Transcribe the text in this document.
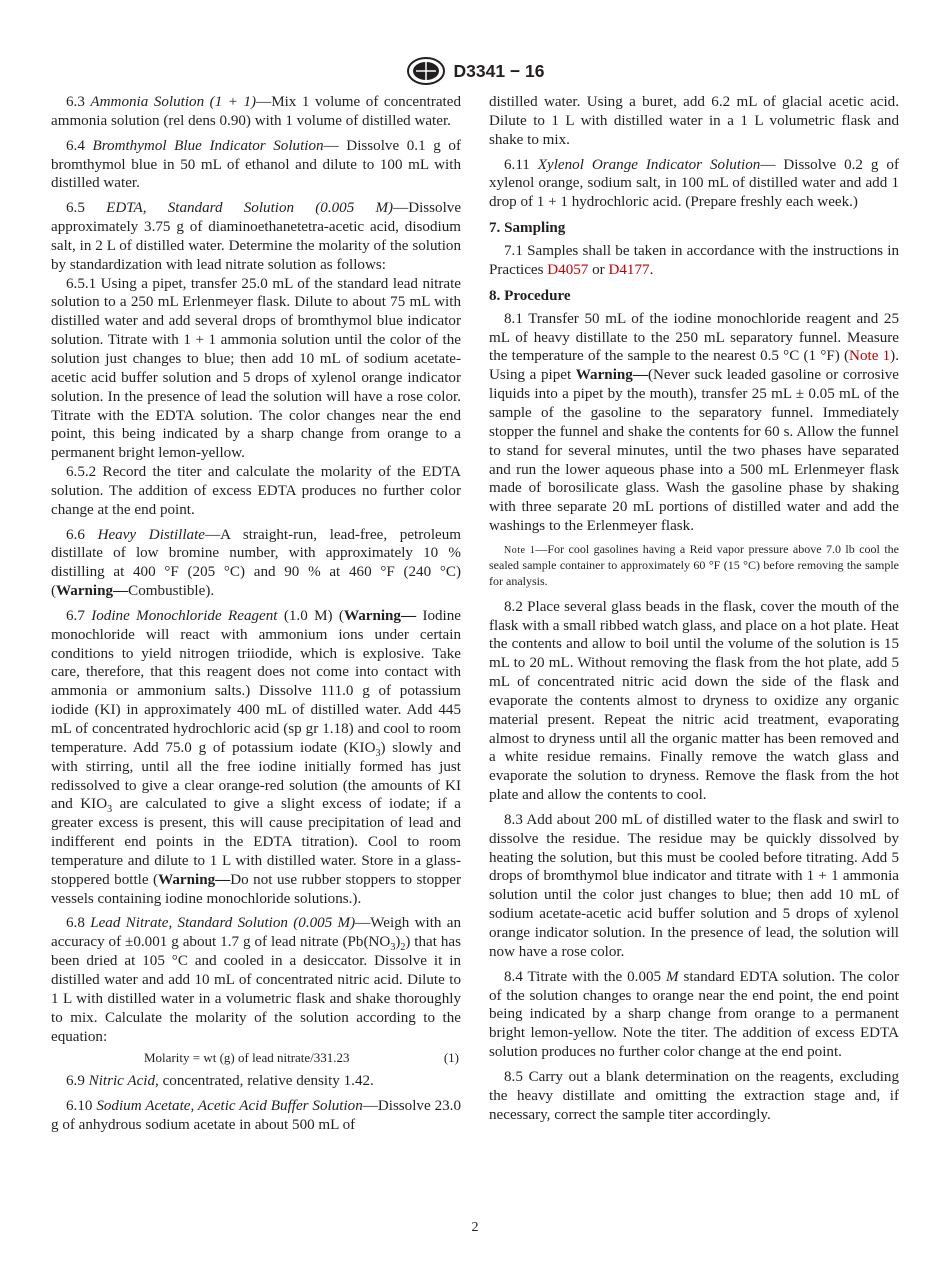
D3341 − 16

6.3 Ammonia Solution (1 + 1)—Mix 1 volume of concentrated ammonia solution (rel dens 0.90) with 1 volume of distilled water.

6.4 Bromthymol Blue Indicator Solution— Dissolve 0.1 g of bromthymol blue in 50 mL of ethanol and dilute to 100 mL with distilled water.

6.5 EDTA, Standard Solution (0.005 M)—Dissolve approximately 3.75 g of diaminoethanetetra-acetic acid, disodium salt, in 2 L of distilled water. Determine the molarity of the solution by standardization with lead nitrate solution as follows:

6.5.1 Using a pipet, transfer 25.0 mL of the standard lead nitrate solution to a 250 mL Erlenmeyer flask. Dilute to about 75 mL with distilled water and add several drops of bromthymol blue indicator solution. Titrate with 1 + 1 ammonia solution until the color of the solution just changes to blue; then add 10 mL of sodium acetate-acetic acid buffer solution and 5 drops of xylenol orange indicator solution. In the presence of lead the solution will have a rose color. Titrate with the EDTA solution. The color changes near the end point, this being indicated by a sharp change from orange to a permanent bright lemon-yellow.

6.5.2 Record the titer and calculate the molarity of the EDTA solution. The addition of excess EDTA produces no further color change at the end point.

6.6 Heavy Distillate—A straight-run, lead-free, petroleum distillate of low bromine number, with approximately 10 % distilling at 400 °F (205 °C) and 90 % at 460 °F (240 °C) (Warning—Combustible).

6.7 Iodine Monochloride Reagent (1.0 M) (Warning— Iodine monochloride will react with ammonium ions under certain conditions to yield nitrogen triiodide, which is explosive. Take care, therefore, that this reagent does not come into contact with ammonia or ammonium salts.) Dissolve 111.0 g of potassium iodide (KI) in approximately 400 mL of distilled water. Add 445 mL of concentrated hydrochloric acid (sp gr 1.18) and cool to room temperature. Add 75.0 g of potassium iodate $(KIO_3)$ slowly and with stirring, until all the free iodine initially formed has just redissolved to give a clear orange-red solution (the amounts of KI and $KIO_3$ are calculated to give a slight excess of iodate; if a greater excess is present, this will cause precipitation of lead and indifferent end points in the EDTA titration). Cool to room temperature and dilute to 1 L with distilled water. Store in a glass-stoppered bottle (Warning—Do not use rubber stoppers to stopper vessels containing iodine monochloride solutions.).

6.8 Lead Nitrate, Standard Solution (0.005 M)—Weigh with an accuracy of ±0.001 g about 1.7 g of lead nitrate $(Pb(NO_3)_2)$ that has been dried at 105 °C and cooled in a desiccator. Dissolve it in distilled water and add 10 mL of concentrated nitric acid. Dilute to 1 L with distilled water in a volumetric flask and shake thoroughly to mix. Calculate the molarity of the solution according to the equation:

Molarity = wt (g) of lead nitrate/331.23	(1)

6.9 Nitric Acid, concentrated, relative density 1.42.

6.10 Sodium Acetate, Acetic Acid Buffer Solution—Dissolve 23.0 g of anhydrous sodium acetate in about 500 mL of

distilled water. Using a buret, add 6.2 mL of glacial acetic acid. Dilute to 1 L with distilled water in a 1 L volumetric flask and shake to mix.

6.11 Xylenol Orange Indicator Solution— Dissolve 0.2 g of xylenol orange, sodium salt, in 100 mL of distilled water and add 1 drop of 1 + 1 hydrochloric acid. (Prepare freshly each week.)

7. Sampling

7.1 Samples shall be taken in accordance with the instructions in Practices D4057 or D4177.

8. Procedure

8.1 Transfer 50 mL of the iodine monochloride reagent and 25 mL of heavy distillate to the 250 mL separatory funnel. Measure the temperature of the sample to the nearest 0.5 °C (1 °F) (Note 1). Using a pipet Warning—(Never suck leaded gasoline or corrosive liquids into a pipet by the mouth), transfer 25 mL ± 0.05 mL of the sample of the gasoline to the separatory funnel. Immediately stopper the funnel and shake the contents for 60 s. Allow the funnel to stand for several minutes, until the two phases have separated and run the lower aqueous phase into a 500 mL Erlenmeyer flask made of borosilicate glass. Wash the gasoline phase by shaking with three separate 20 mL portions of distilled water and add the washings to the Erlenmeyer flask.

Note 1—For cool gasolines having a Reid vapor pressure above 7.0 lb cool the sealed sample container to approximately 60 °F (15 °C) before removing the sample for analysis.

8.2 Place several glass beads in the flask, cover the mouth of the flask with a small ribbed watch glass, and place on a hot plate. Heat the contents and allow to boil until the volume of the solution is 15 mL to 20 mL. Without removing the flask from the hot plate, add 5 mL of concentrated nitric acid down the side of the flask and evaporate the contents almost to dryness to oxidize any organic material present. Repeat the nitric acid treatment, evaporating almost to dryness until all the organic matter has been removed and a white residue remains. Finally remove the watch glass and evaporate the solution to dryness. Remove the flask from the hot plate and allow the contents to cool.

8.3 Add about 200 mL of distilled water to the flask and swirl to dissolve the residue. The residue may be quickly dissolved by heating the solution, but this must be cooled before titrating. Add 5 drops of bromthymol blue indicator and titrate with 1 + 1 ammonia solution until the color just changes to blue; then add 10 mL of sodium acetate-acetic acid buffer solution and 5 drops of xylenol orange indicator solution. In the presence of lead, the solution will now have a rose color.

8.4 Titrate with the 0.005 M standard EDTA solution. The color of the solution changes to orange near the end point, the end point being indicated by a sharp change from orange to a permanent bright lemon-yellow. Note the titer. The addition of excess EDTA solution produces no further color change at the end point.

8.5 Carry out a blank determination on the reagents, excluding the heavy distillate and omitting the extraction stage and, if necessary, correct the sample titer accordingly.

2
